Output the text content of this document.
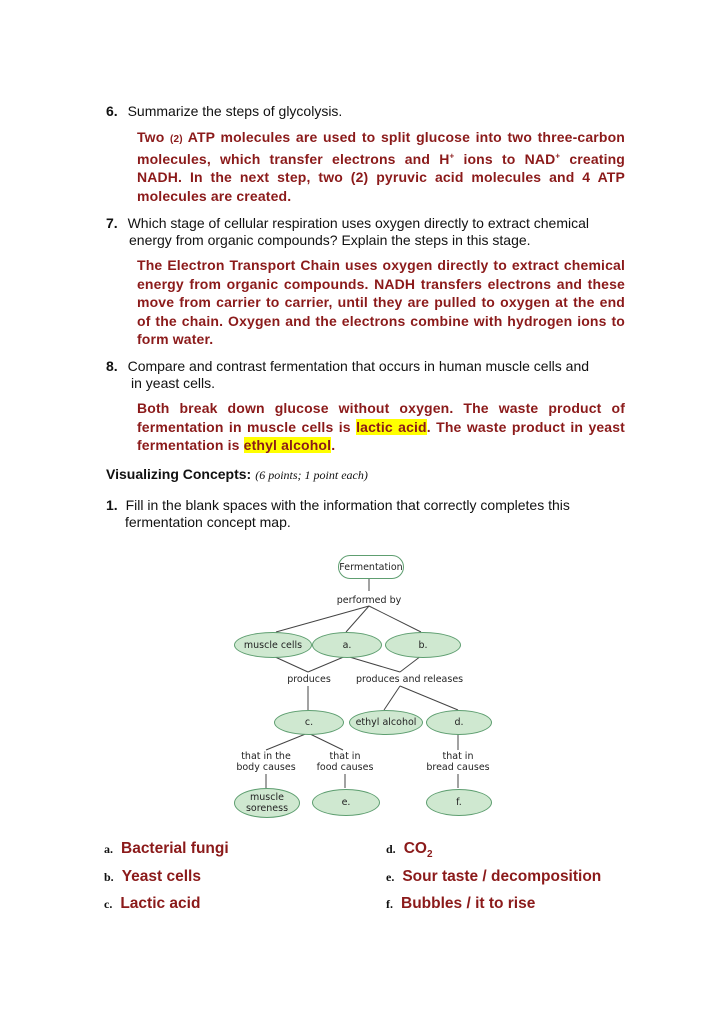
6. Summarize the steps of glycolysis.
Two (2) ATP molecules are used to split glucose into two three-carbon molecules, which transfer electrons and H+ ions to NAD+ creating NADH. In the next step, two (2) pyruvic acid molecules and 4 ATP molecules are created.
7. Which stage of cellular respiration uses oxygen directly to extract chemical
energy from organic compounds? Explain the steps in this stage.
The Electron Transport Chain uses oxygen directly to extract chemical energy from organic compounds. NADH transfers electrons and these move from carrier to carrier, until they are pulled to oxygen at the end of the chain. Oxygen and the electrons combine with hydrogen ions to form water.
8. Compare and contrast fermentation that occurs in human muscle cells and
in yeast cells.
Both break down glucose without oxygen. The waste product of fermentation in muscle cells is lactic acid. The waste product in yeast fermentation is ethyl alcohol.
Visualizing Concepts: (6 points; 1 point each)
1. Fill in the blank spaces with the information that correctly completes this
fermentation concept map.
Fermentation
performed by
muscle cells	a.	b.
produces	produces and releases
c.	ethyl alcohol	d.
that in the
body causes
that in
food causes
that in
bread causes
muscle
soreness
e.	f.
a. Bacterial fungi
b. Yeast cells
c. Lactic acid
d. $CO_2$
e. Sour taste / decomposition
f. Bubbles / it to rise
